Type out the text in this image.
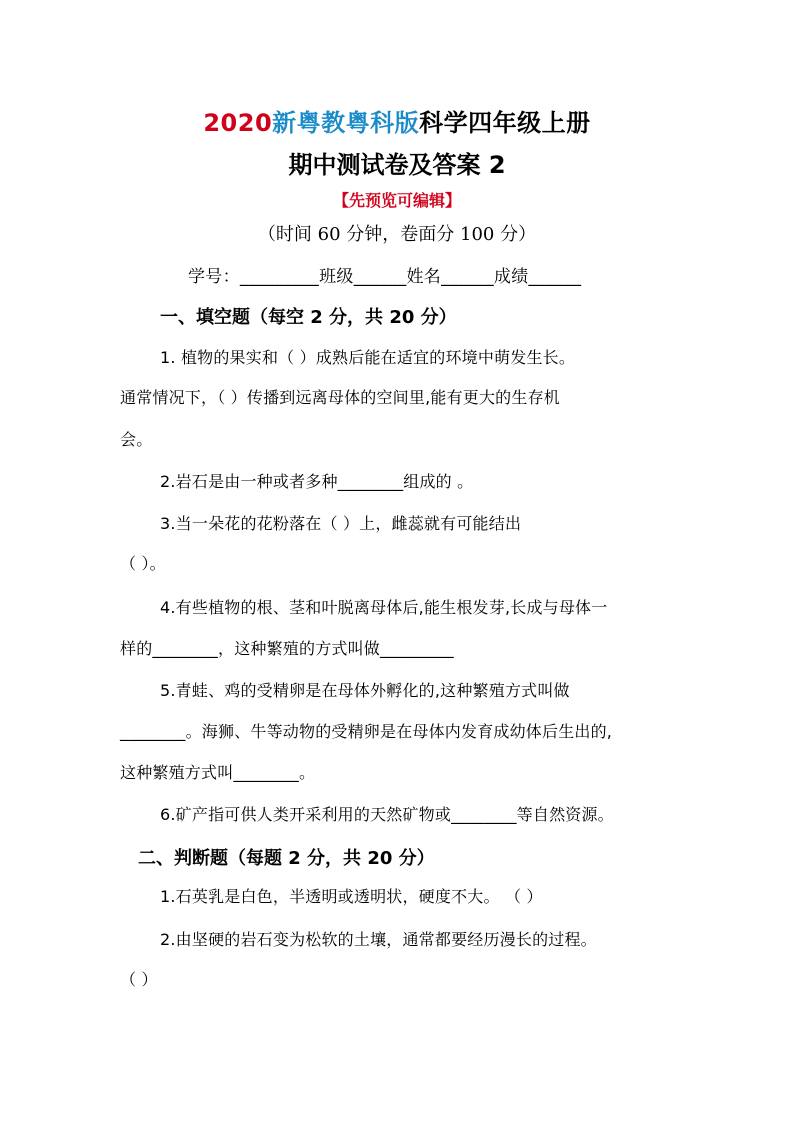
2020新粤教粤科版科学四年级上册
期中测试卷及答案 2
【先预览可编辑】
（时间 60 分钟，卷面分 100 分）
学号：_________班级______姓名______成绩______
一、填空题（每空 2 分，共 20 分）
1. 植物的果实和（ ）成熟后能在适宜的环境中萌发生长。
通常情况下，（ ）传播到远离母体的空间里,能有更大的生存机
会。
2.岩石是由一种或者多种________组成的 。
3.当一朵花的花粉落在（ ）上，雌蕊就有可能结出
（ ）。
4.有些植物的根、茎和叶脱离母体后,能生根发芽,长成与母体一
样的________，这种繁殖的方式叫做_________
5.青蛙、鸡的受精卵是在母体外孵化的,这种繁殖方式叫做
________。海狮、牛等动物的受精卵是在母体内发育成幼体后生出的,
这种繁殖方式叫________。
6.矿产指可供人类开采利用的天然矿物或________等自然资源。
二、判断题（每题 2 分，共 20 分）
1.石英乳是白色，半透明或透明状，硬度不大。 （ ）
2.由坚硬的岩石变为松软的土壤，通常都要经历漫长的过程。
（ ）
